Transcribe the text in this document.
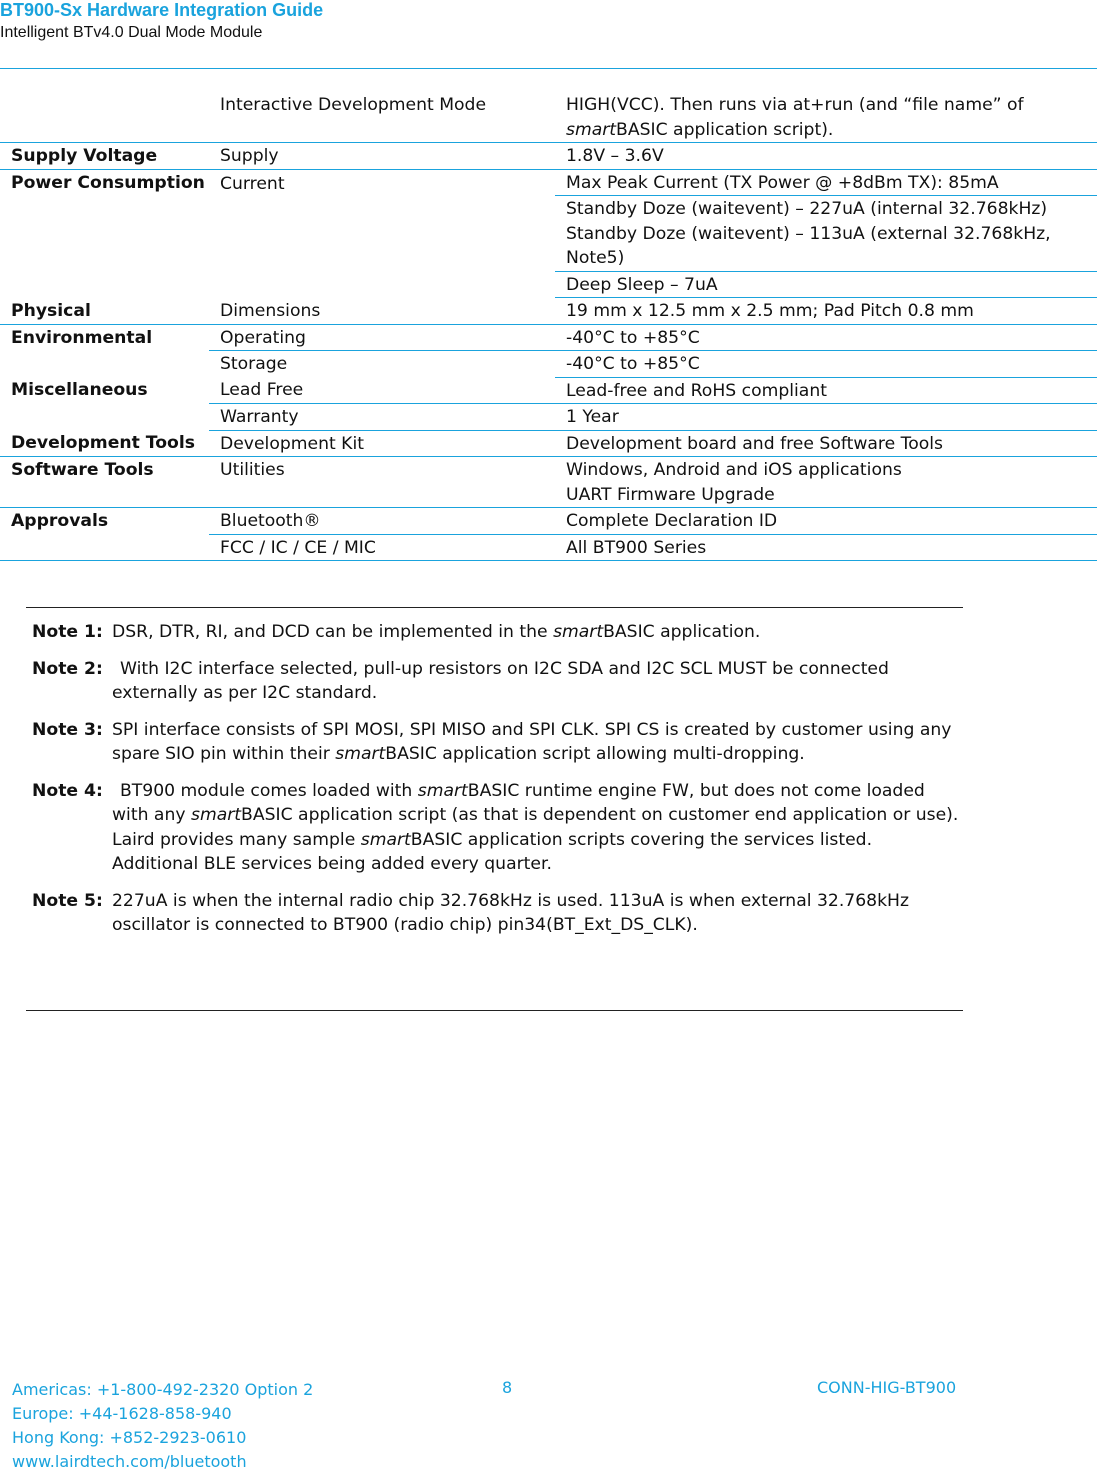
BT900-Sx Hardware Integration Guide
Intelligent BTv4.0 Dual Mode Module
	Interactive Development Mode	HIGH(VCC). Then runs via at+run (and “file name” of smartBASIC application script).
Supply Voltage	Supply	1.8V – 3.6V
Power Consumption	Current	Max Peak Current (TX Power @ +8dBm TX): 85mA

		Standby Doze (waitevent) – 227uA (internal 32.768kHz)
Standby Doze (waitevent) – 113uA (external 32.768kHz, Note5)

		Deep Sleep – 7uA
Physical	Dimensions	19 mm x 12.5 mm x 2.5 mm; Pad Pitch 0.8 mm
Environmental	Operating	-40°C to +85°C
	Storage	-40°C to +85°C
Miscellaneous	Lead Free	Lead-free and RoHS compliant
	Warranty	1 Year
Development Tools	Development Kit	Development board and free Software Tools
Software Tools	Utilities	Windows, Android and iOS applications
UART Firmware Upgrade

Approvals	Bluetooth®	Complete Declaration ID
	FCC / IC / CE / MIC	All BT900 Series
Note 1: DSR, DTR, RI, and DCD can be implemented in the smartBASIC application.
Note 2: With I2C interface selected, pull-up resistors on I2C SDA and I2C SCL MUST be connected externally as per I2C standard.
Note 3: SPI interface consists of SPI MOSI, SPI MISO and SPI CLK. SPI CS is created by customer using any spare SIO pin within their smartBASIC application script allowing multi-dropping.
Note 4: BT900 module comes loaded with smartBASIC runtime engine FW, but does not come loaded with any smartBASIC application script (as that is dependent on customer end application or use). Laird provides many sample smartBASIC application scripts covering the services listed. Additional BLE services being added every quarter.
Note 5: 227uA is when the internal radio chip 32.768kHz is used. 113uA is when external 32.768kHz oscillator is connected to BT900 (radio chip) pin34(BT_Ext_DS_CLK).
Americas: +1-800-492-2320 Option 2
Europe: +44-1628-858-940
Hong Kong: +852-2923-0610
www.lairdtech.com/bluetooth
8	CONN-HIG-BT900
